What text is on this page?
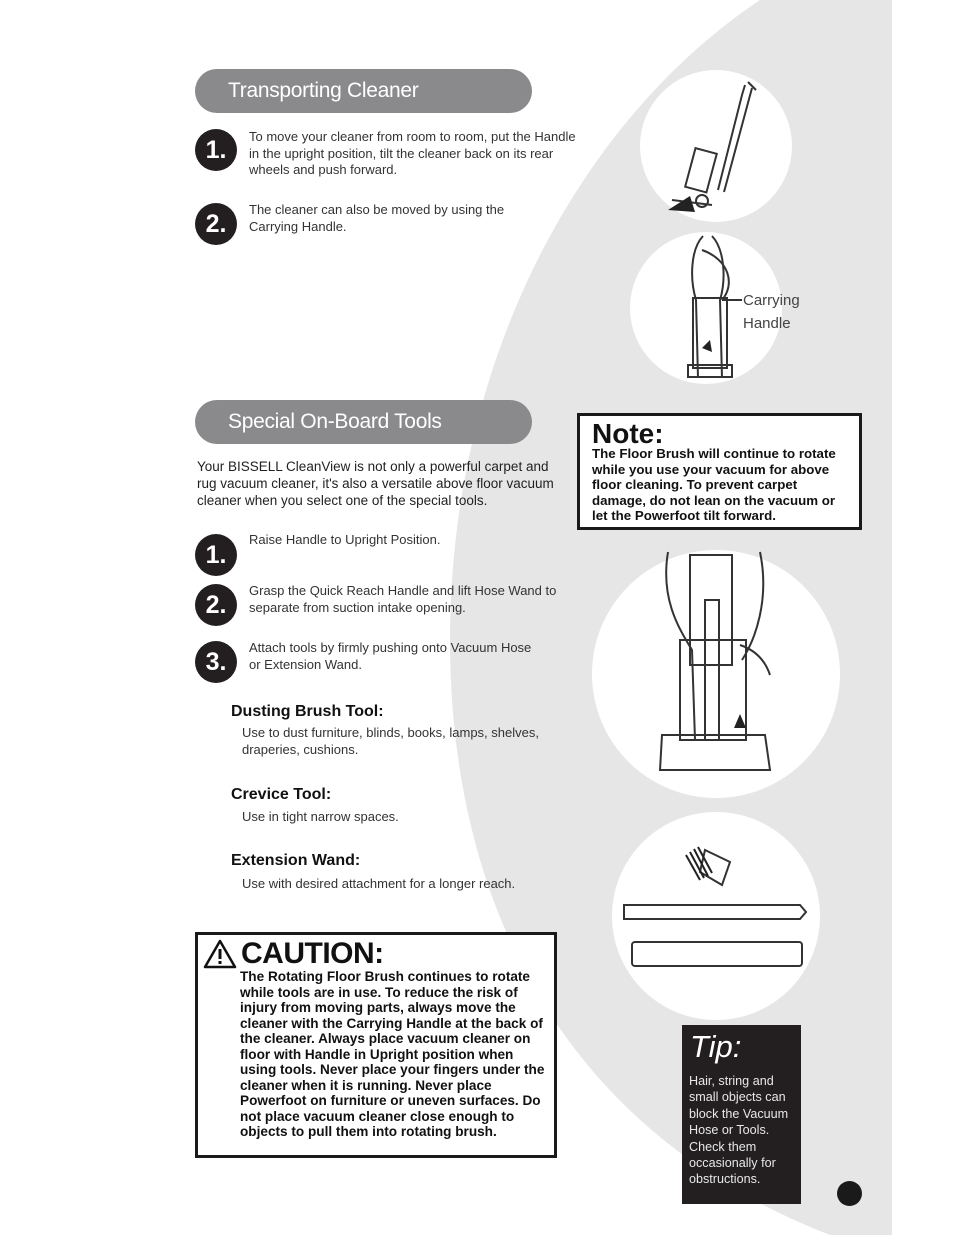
Transporting Cleaner
1.	To move your cleaner from room to room, put the Handle in the upright position, tilt the cleaner back on its rear wheels and push forward.
2.
The cleaner can also be moved by using the Carrying Handle.
Carrying
Handle
Special On-Board Tools
Your BISSELL CleanView is not only a powerful carpet and rug vacuum cleaner, it's also a versatile above floor vacuum cleaner when you select one of the special tools.
1.
Raise Handle to Upright Position.
2.
Grasp the Quick Reach Handle and lift Hose Wand to separate from suction intake opening.
3.
Attach tools by firmly pushing onto Vacuum Hose or Extension Wand.
Dusting Brush Tool:
Use to dust furniture, blinds, books, lamps, shelves, draperies, cushions.
Crevice Tool:
Use in tight narrow spaces.
Extension Wand:
Use with desired attachment for a longer reach.
Note:
The Floor Brush will continue to rotate while you use your vacuum for above floor cleaning. To prevent carpet damage, do not lean on the vacuum or let the Powerfoot tilt forward.
CAUTION:
The Rotating Floor Brush continues to rotate while tools are in use. To reduce the risk of injury from moving parts, always move the cleaner with the Carrying Handle at the back of the cleaner. Always place vacuum cleaner on floor with Handle in Upright position when using tools. Never place your fingers under the cleaner when it is running. Never place Powerfoot on furniture or uneven surfaces. Do not place vacuum cleaner close enough to objects to pull them into rotating brush.
Tip:
Hair, string and small objects can block the Vacuum Hose or Tools. Check them occasionally for obstructions.
